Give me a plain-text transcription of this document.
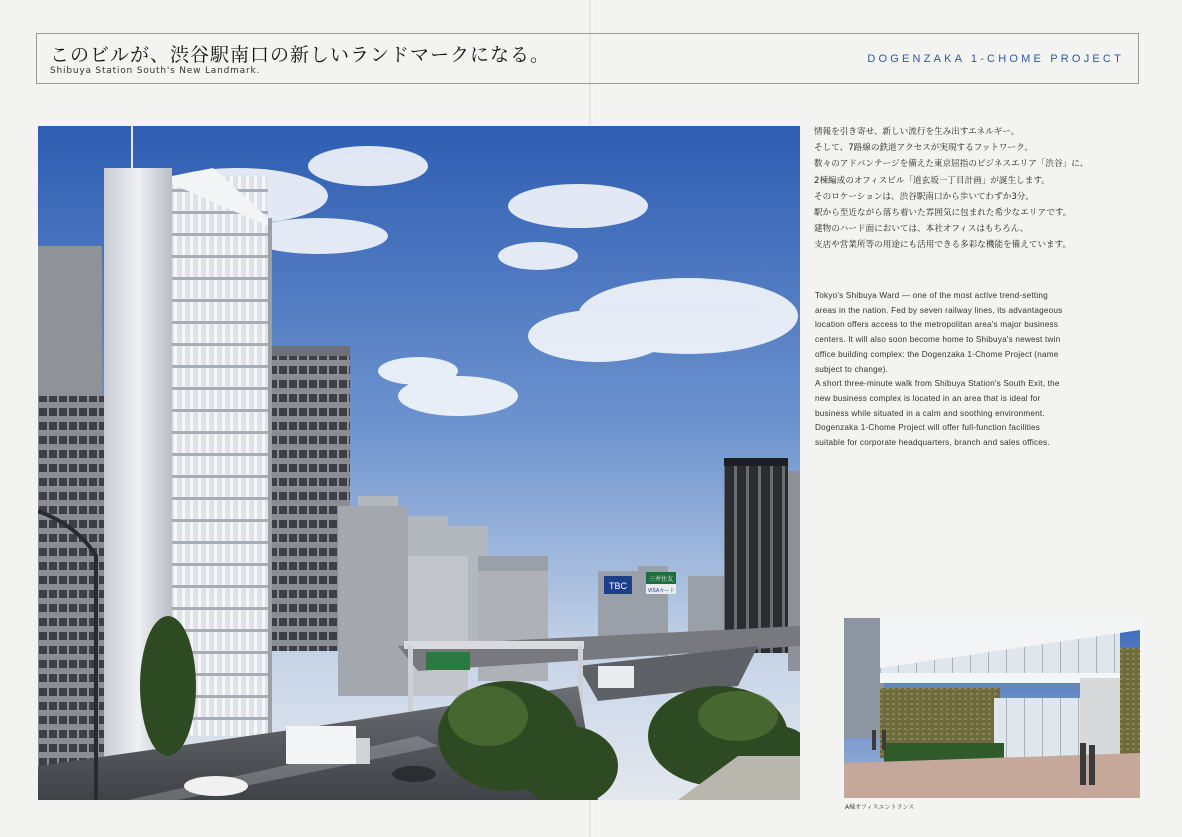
このビルが、渋谷駅南口の新しいランドマークになる。
Shibuya Station South's New Landmark.
DOGENZAKA 1-CHOME PROJECT
TBC
三井住友
VISAカード
情報を引き寄せ、新しい流行を生み出すエネルギー。
そして、7路線の鉄道アクセスが実現するフットワーク。
数々のアドバンテージを備えた東京屈指のビジネスエリア「渋谷」に、
2棟編成のオフィスビル「道玄坂一丁目計画」が誕生します。
そのロケーションは、渋谷駅南口から歩いてわずか3分。
駅から至近ながら落ち着いた雰囲気に包まれた希少なエリアです。
建物のハード面においては、本社オフィスはもちろん、
支店や営業所等の用途にも活用できる多彩な機能を備えています。
Tokyo's Shibuya Ward — one of the most active trend-setting
areas in the nation. Fed by seven railway lines, its advantageous
location offers access to the metropolitan area's major business
centers. It will also soon become home to Shibuya's newest twin
office building complex: the Dogenzaka 1-Chome Project (name
subject to change).
A short three-minute walk from Shibuya Station's South Exit, the
new business complex is located in an area that is ideal for
business while situated in a calm and soothing environment.
Dogenzaka 1-Chome Project will offer full-function facilities
suitable for corporate headquarters, branch and sales offices.
A棟オフィスエントランス
